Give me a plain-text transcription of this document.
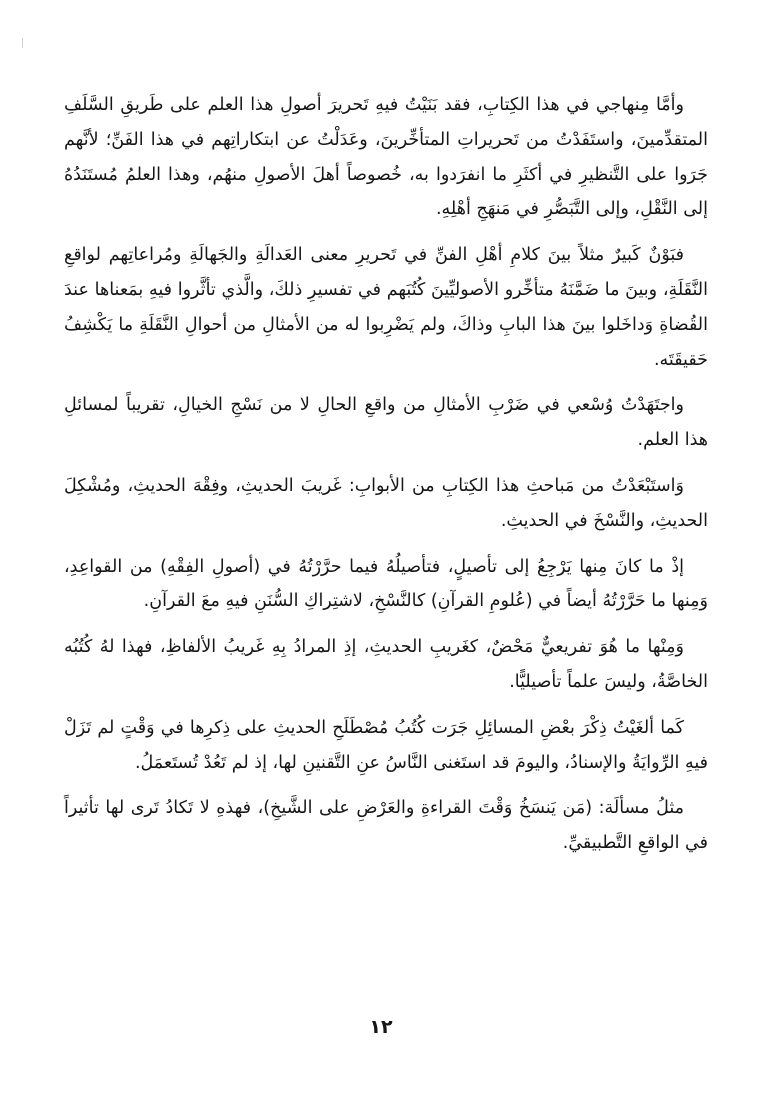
وأمَّا مِنهاجي في هذا الكِتابِ، فقد بَنَيْتُ فيهِ تَحريرَ أصولِ هذا العلم على طَريقِ السَّلَفِ المتقدِّمينَ، واستَفَدْتُ من تَحريراتِ المتأخِّرينَ، وعَدَلْتُ عن ابتكاراتِهم في هذا الفَنِّ؛ لأنَّهم جَرَوا على التَّنظيرِ في أكثَرِ ما انفرَدوا به، خُصوصاً أهلَ الأصولِ منهُم، وهذا العلمُ مُستَنَدُهُ إلى النَّقْلِ، وإلى التَّبَصُّرِ في مَنهَجِ أهْلِهِ.

فبَوْنٌ كَبيرٌ مثلاً بينَ كلامِ أهْلِ الفنِّ في تَحريرِ معنى العَدالَةِ والجَهالَةِ ومُراعاتِهم لواقعِ النَّقَلَةِ، وبينَ ما ضَمَّنَهُ متأخِّرو الأصوليِّينَ كُتُبَهم في تفسيرِ ذلكَ، والَّذي تأثَّروا فيهِ بمَعناها عندَ القُضاةِ وَداخَلوا بينَ هذا البابِ وذاكَ، ولم يَضْرِبوا له من الأمثالِ من أحوالِ النَّقَلَةِ ما يَكْشِفُ حَقيقَتَه.

واجتَهَدْتُ وُسْعي في ضَرْبِ الأمثالِ من واقعِ الحالِ لا من نَسْجِ الخيالِ، تقريباً لمسائلِ هذا العلم.

وَاستَبْعَدْتُ من مَباحثِ هذا الكِتابِ من الأبوابِ: غَريبَ الحديثِ، وفِقْهَ الحديثِ، ومُشْكِلَ الحديثِ، والنَّسْخَ في الحديثِ.

إذْ ما كانَ مِنها يَرْجِعُ إلى تأصيلٍ، فتأصيلُهُ فيما حرَّرْتُهُ في (أصولِ الفِقْهِ) من القواعِدِ، وَمِنها ما حَرَّرْتُهُ أيضاً في (عُلومِ القرآنِ) كالنَّسْخِ، لاشتِراكِ السُّنَنِ فيهِ معَ القرآنِ.

وَمِنْها ما هُوَ تفريعيٌّ مَحْضٌ، كغَريبِ الحديثِ، إذِ المرادُ بِهِ غَريبُ الألفاظِ، فهذا لهُ كُتُبُه الخاصَّةُ، وليسَ علماً تأصيليًّا.

كَما ألغَيْتُ ذِكْرَ بعْضِ المسائِلِ جَرَت كُتُبُ مُصْطَلَحِ الحديثِ على ذِكرِها في وَقْتٍ لم تَزَلْ فيهِ الرِّوايَةُ والإسنادُ، واليومَ قد استَغنى النَّاسُ عنِ التَّقنينِ لها، إذ لم تَعُدْ تُستَعمَلُ.

مثلُ مسألَة: (مَن يَنسَخُ وَقْتَ القراءةِ والعَرْضِ على الشَّيخِ)، فهذهِ لا تَكادُ تَرى لها تأثيراً في الواقعِ التَّطبيقيِّ.

١٢
